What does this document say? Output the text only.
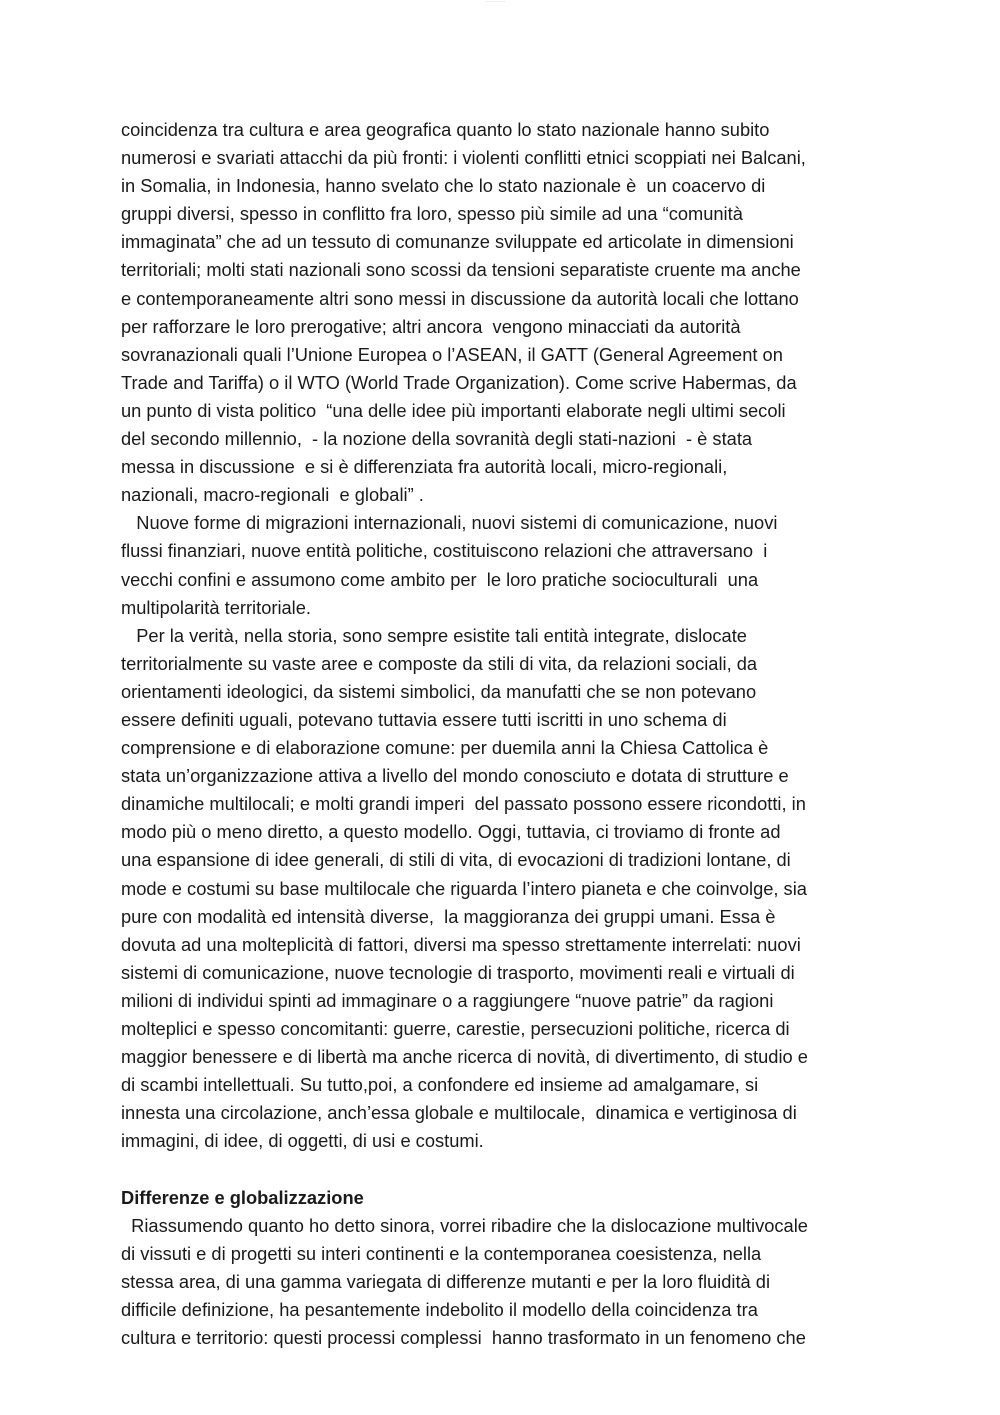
~~~~~~~~~~~
coincidenza tra cultura e area geografica quanto lo stato nazionale hanno subito
numerosi e svariati attacchi da più fronti: i violenti conflitti etnici scoppiati nei Balcani,
in Somalia, in Indonesia, hanno svelato che lo stato nazionale è  un coacervo di
gruppi diversi, spesso in conflitto fra loro, spesso più simile ad una “comunità
immaginata” che ad un tessuto di comunanze sviluppate ed articolate in dimensioni
territoriali; molti stati nazionali sono scossi da tensioni separatiste cruente ma anche
e contemporaneamente altri sono messi in discussione da autorità locali che lottano
per rafforzare le loro prerogative; altri ancora  vengono minacciati da autorità
sovranazionali quali l’Unione Europea o l’ASEAN, il GATT (General Agreement on
Trade and Tariffa) o il WTO (World Trade Organization). Come scrive Habermas, da
un punto di vista politico  “una delle idee più importanti elaborate negli ultimi secoli
del secondo millennio,  - la nozione della sovranità degli stati-nazioni  - è stata
messa in discussione  e si è differenziata fra autorità locali, micro-regionali,
nazionali, macro-regionali  e globali” .
Nuove forme di migrazioni internazionali, nuovi sistemi di comunicazione, nuovi
flussi finanziari, nuove entità politiche, costituiscono relazioni che attraversano  i
vecchi confini e assumono come ambito per  le loro pratiche socioculturali  una
multipolarità territoriale.
Per la verità, nella storia, sono sempre esistite tali entità integrate, dislocate
territorialmente su vaste aree e composte da stili di vita, da relazioni sociali, da
orientamenti ideologici, da sistemi simbolici, da manufatti che se non potevano
essere definiti uguali, potevano tuttavia essere tutti iscritti in uno schema di
comprensione e di elaborazione comune: per duemila anni la Chiesa Cattolica è
stata un’organizzazione attiva a livello del mondo conosciuto e dotata di strutture e
dinamiche multilocali; e molti grandi imperi  del passato possono essere ricondotti, in
modo più o meno diretto, a questo modello. Oggi, tuttavia, ci troviamo di fronte ad
una espansione di idee generali, di stili di vita, di evocazioni di tradizioni lontane, di
mode e costumi su base multilocale che riguarda l’intero pianeta e che coinvolge, sia
pure con modalità ed intensità diverse,  la maggioranza dei gruppi umani. Essa è
dovuta ad una molteplicità di fattori, diversi ma spesso strettamente interrelati: nuovi
sistemi di comunicazione, nuove tecnologie di trasporto, movimenti reali e virtuali di
milioni di individui spinti ad immaginare o a raggiungere “nuove patrie” da ragioni
molteplici e spesso concomitanti: guerre, carestie, persecuzioni politiche, ricerca di
maggior benessere e di libertà ma anche ricerca di novità, di divertimento, di studio e
di scambi intellettuali. Su tutto,poi, a confondere ed insieme ad amalgamare, si
innesta una circolazione, anch’essa globale e multilocale,  dinamica e vertiginosa di
immagini, di idee, di oggetti, di usi e costumi.
Differenze e globalizzazione
Riassumendo quanto ho detto sinora, vorrei ribadire che la dislocazione multivocale
di vissuti e di progetti su interi continenti e la contemporanea coesistenza, nella
stessa area, di una gamma variegata di differenze mutanti e per la loro fluidità di
difficile definizione, ha pesantemente indebolito il modello della coincidenza tra
cultura e territorio: questi processi complessi  hanno trasformato in un fenomeno che
